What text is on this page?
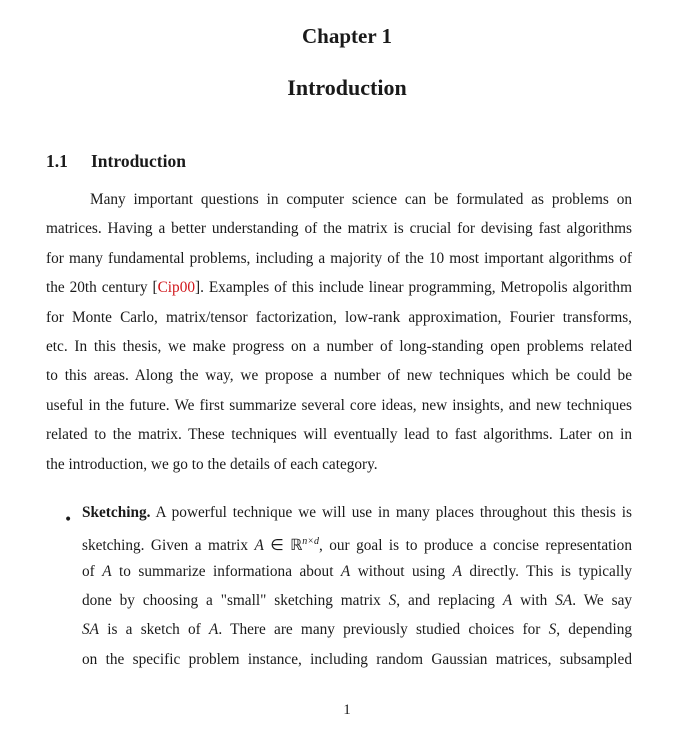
Chapter 1
Introduction
1.1 Introduction
Many important questions in computer science can be formulated as problems on
matrices. Having a better understanding of the matrix is crucial for devising fast algorithms
for many fundamental problems, including a majority of the 10 most important algorithms of
the 20th century [Cip00]. Examples of this include linear programming, Metropolis algorithm
for Monte Carlo, matrix/tensor factorization, low-rank approximation, Fourier transforms,
etc. In this thesis, we make progress on a number of long-standing open problems related
to this areas. Along the way, we propose a number of new techniques which be could be
useful in the future. We first summarize several core ideas, new insights, and new techniques
related to the matrix. These techniques will eventually lead to fast algorithms. Later on in
the introduction, we go to the details of each category.
• Sketching. A powerful technique we will use in many places throughout this thesis is
sketching. Given a matrix A ∈ ℝ$^{n\times d}$, our goal is to produce a concise representation
of A to summarize informationa about A without using A directly. This is typically
done by choosing a "small" sketching matrix S, and replacing A with SA. We say
SA is a sketch of A. There are many previously studied choices for S, depending
on the specific problem instance, including random Gaussian matrices, subsampled
1
